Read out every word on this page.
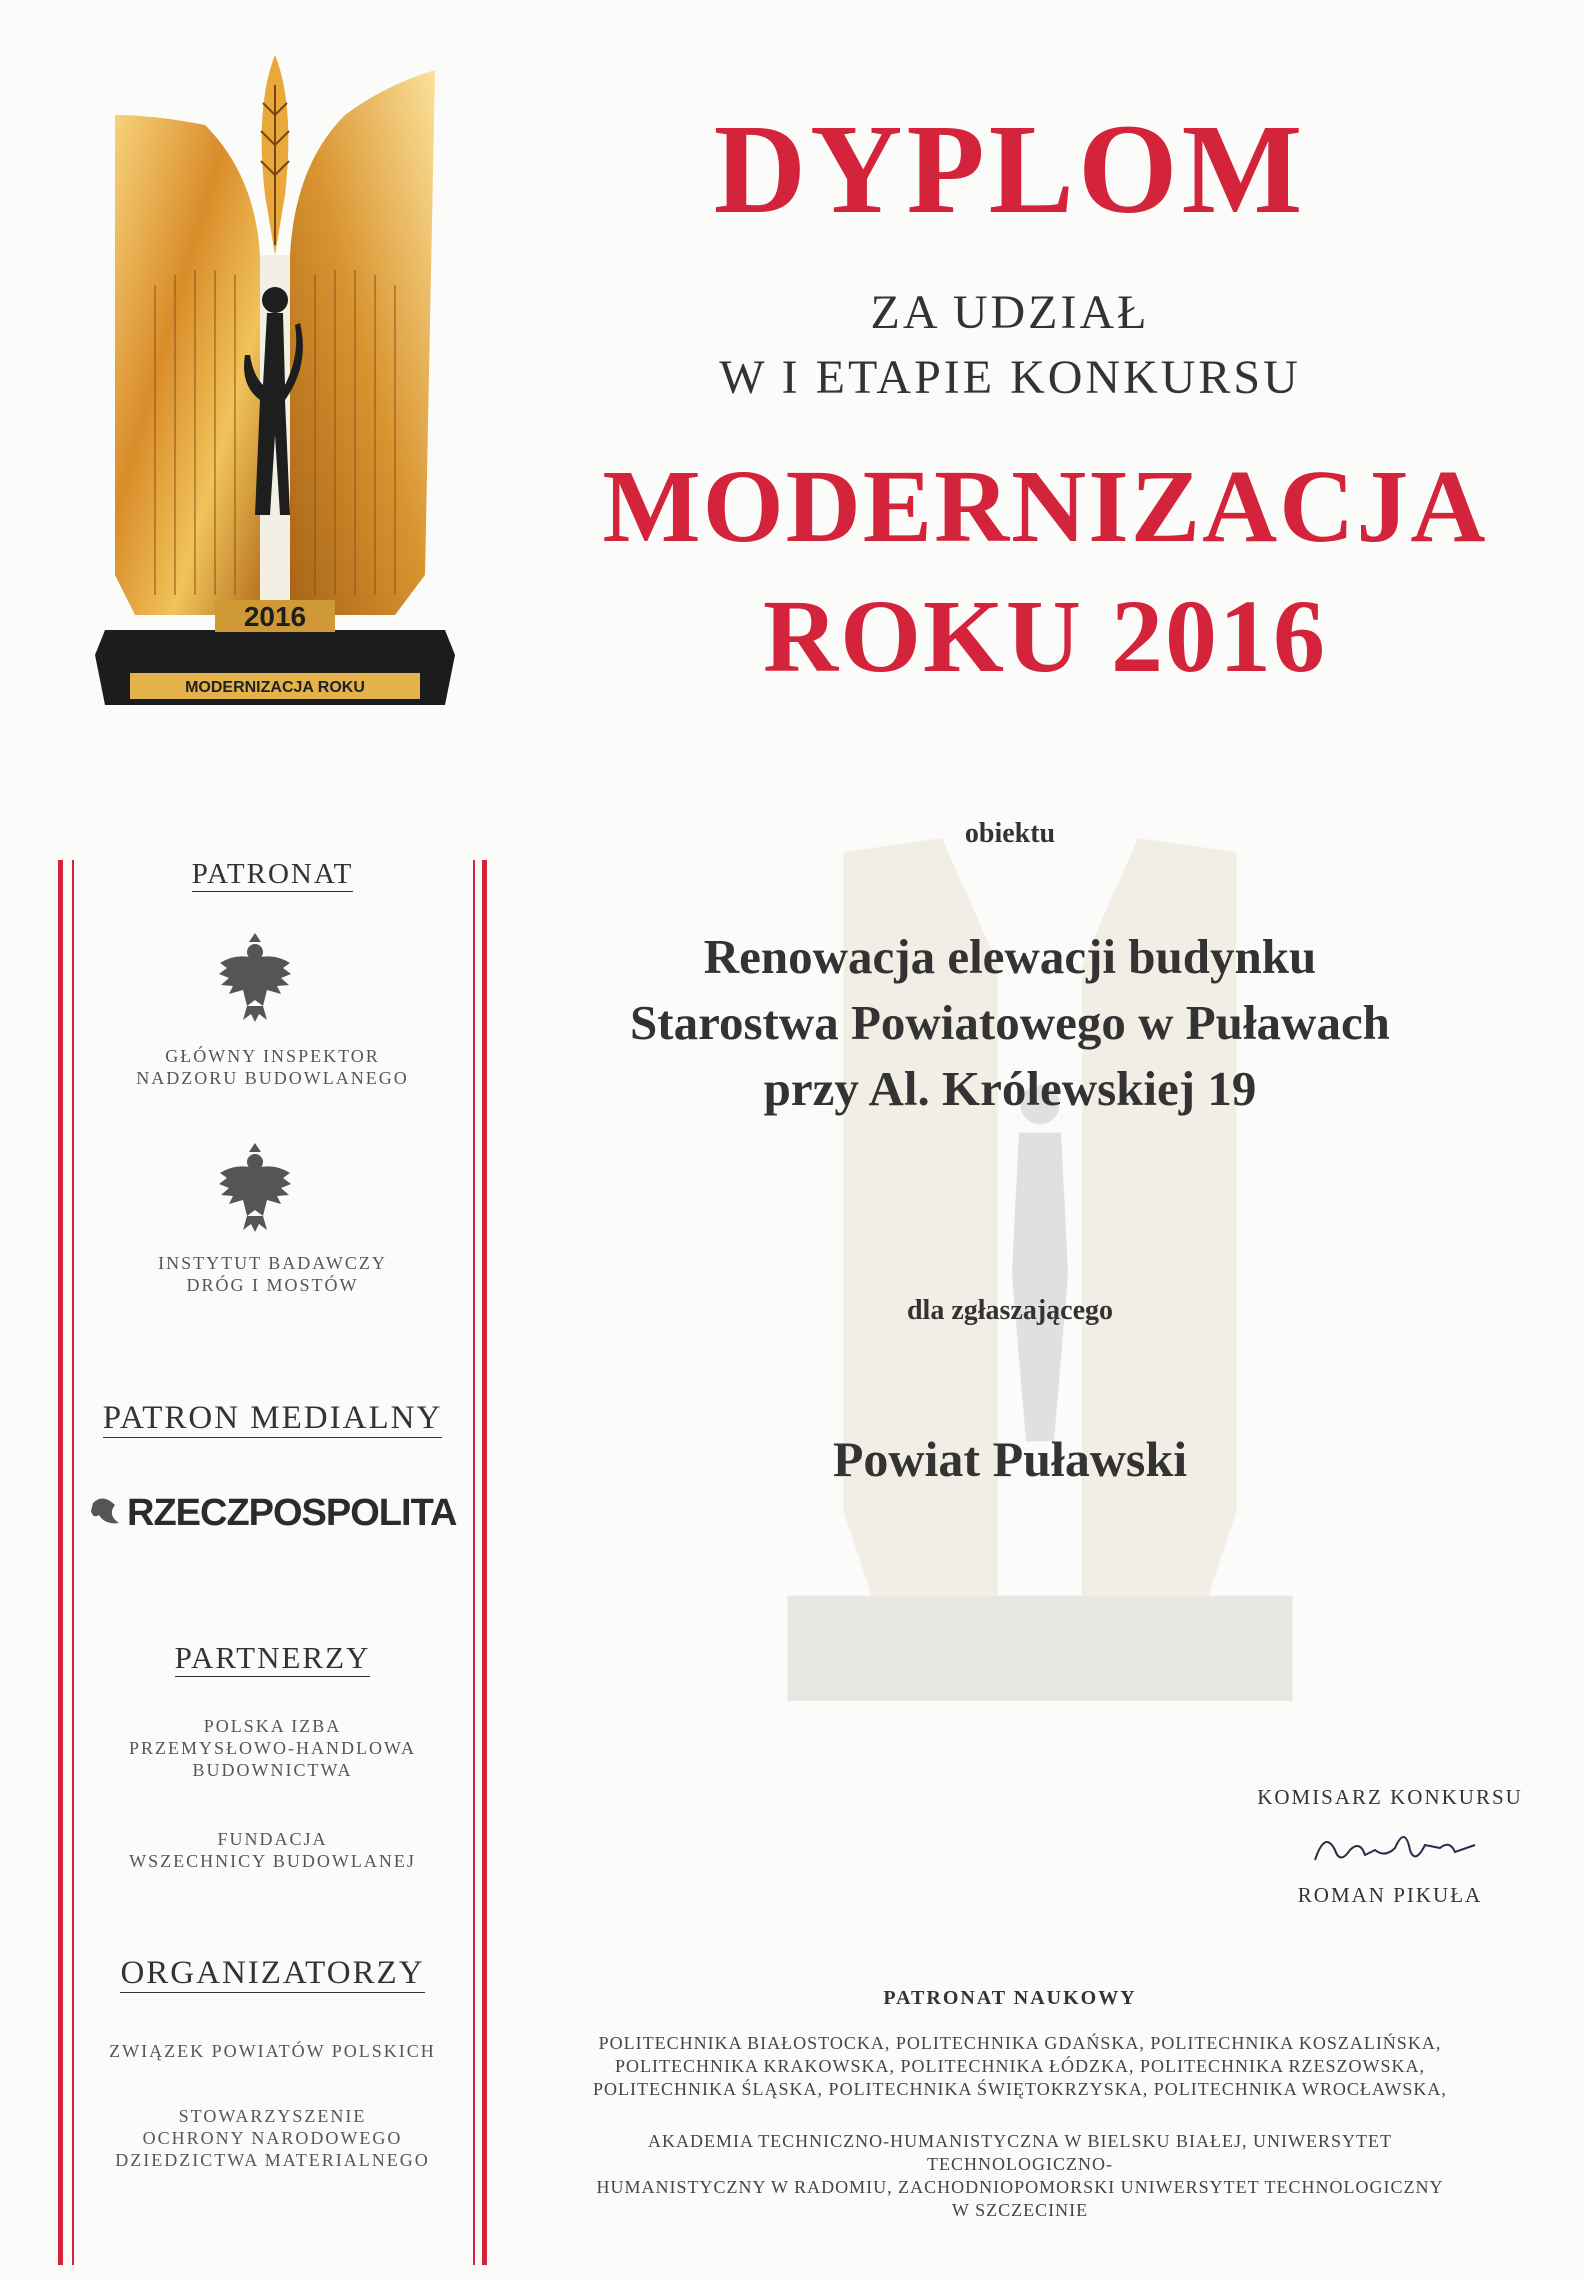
MODERNIZACJA ROKU
2016
DYPLOM
ZA UDZIAŁ
W I ETAPIE KONKURSU
MODERNIZACJA
ROKU 2016
obiektu
Renowacja elewacji budynku
Starostwa Powiatowego w Puławach
przy Al. Królewskiej 19
dla zgłaszającego
Powiat Puławski
KOMISARZ KONKURSU
ROMAN PIKUŁA
PATRONAT NAUKOWY
POLITECHNIKA BIAŁOSTOCKA, POLITECHNIKA GDAŃSKA, POLITECHNIKA KOSZALIŃSKA,
POLITECHNIKA KRAKOWSKA, POLITECHNIKA ŁÓDZKA, POLITECHNIKA RZESZOWSKA,
POLITECHNIKA ŚLĄSKA, POLITECHNIKA ŚWIĘTOKRZYSKA, POLITECHNIKA WROCŁAWSKA,
AKADEMIA TECHNICZNO-HUMANISTYCZNA W BIELSKU BIAŁEJ, UNIWERSYTET TECHNOLOGICZNO-
HUMANISTYCZNY W RADOMIU, ZACHODNIOPOMORSKI UNIWERSYTET TECHNOLOGICZNY
W SZCZECINIE
PATRONAT
GŁÓWNY INSPEKTOR
NADZORU BUDOWLANEGO
INSTYTUT BADAWCZY
DRÓG I MOSTÓW
PATRON MEDIALNY
RZECZPOSPOLITA
PARTNERZY
POLSKA IZBA
PRZEMYSŁOWO-HANDLOWA
BUDOWNICTWA
FUNDACJA
WSZECHNICY BUDOWLANEJ
ORGANIZATORZY
ZWIĄZEK POWIATÓW POLSKICH
STOWARZYSZENIE
OCHRONY NARODOWEGO
DZIEDZICTWA MATERIALNEGO
